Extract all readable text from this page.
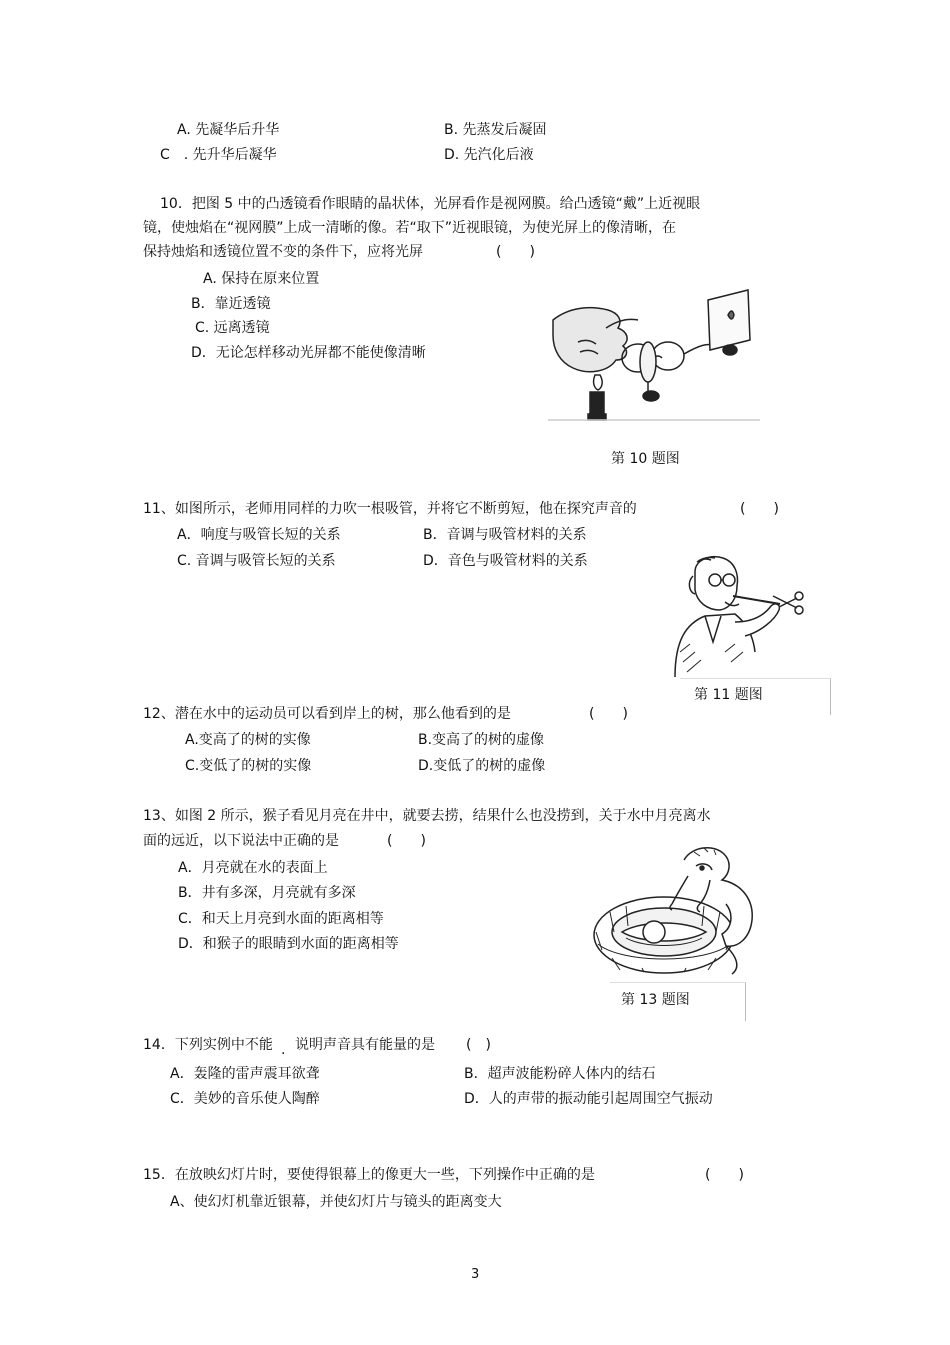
A. 先凝华后升华	B. 先蒸发后凝固
C　. 先升华后凝华	D. 先汽化后液
10．把图 5 中的凸透镜看作眼睛的晶状体，光屏看作是视网膜。给凸透镜“戴”上近视眼
镜，使烛焰在“视网膜”上成一清晰的像。若“取下”近视眼镜，为使光屏上的像清晰，在
保持烛焰和透镜位置不变的条件下，应将光屏	(　　)
A. 保持在原来位置
B．靠近透镜
C. 远离透镜
D．无论怎样移动光屏都不能使像清晰
第 10 题图
11、如图所示，老师用同样的力吹一根吸管，并将它不断剪短，他在探究声音的	(　　)
A．响度与吸管长短的关系	B．音调与吸管材料的关系
C. 音调与吸管长短的关系	D．音色与吸管材料的关系
第 11 题图
12、潜在水中的运动员可以看到岸上的树，那么他看到的是	(　　)
A.变高了的树的实像	B.变高了的树的虚像
C.变低了的树的实像	D.变低了的树的虚像
13、如图 2 所示，猴子看见月亮在井中，就要去捞，结果什么也没捞到，关于水中月亮离水
面的远近，以下说法中正确的是	(　　)
A．月亮就在水的表面上
B．井有多深，月亮就有多深
C．和天上月亮到水面的距离相等
D．和猴子的眼睛到水面的距离相等
第 13 题图
14．下列实例中不能 . 说明声音具有能量的是 (　)
A．轰隆的雷声震耳欲聋	B．超声波能粉碎人体内的结石
C．美妙的音乐使人陶醉	D．人的声带的振动能引起周围空气振动
15．在放映幻灯片时，要使得银幕上的像更大一些，下列操作中正确的是	(　　)
A、使幻灯机靠近银幕，并使幻灯片与镜头的距离变大
3
